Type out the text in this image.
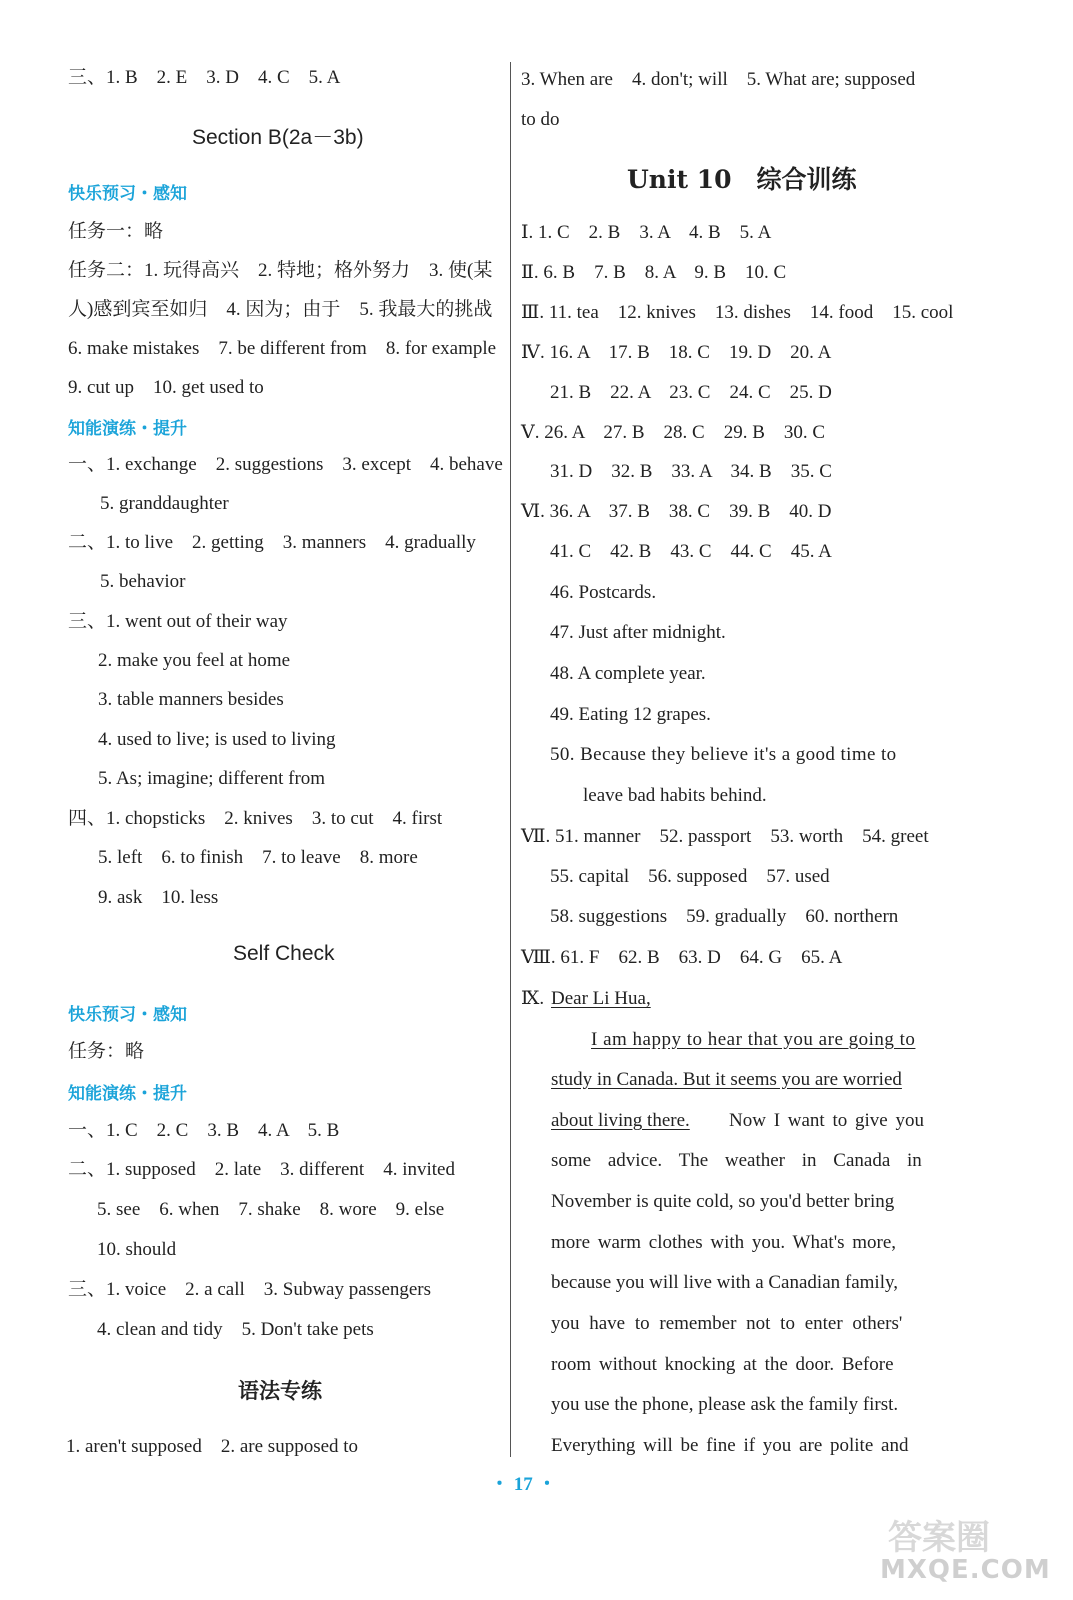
三、1. B　2. E　3. D　4. C　5. A
Section B(2a－3b)
快乐预习・感知
任务一：略
任务二：1. 玩得高兴　2. 特地；格外努力　3. 使(某
人)感到宾至如归　4. 因为；由于　5. 我最大的挑战
6. make mistakes　7. be different from　8. for example
9. cut up　10. get used to
知能演练・提升
一、1. exchange　2. suggestions　3. except　4. behave
5. granddaughter
二、1. to live　2. getting　3. manners　4. gradually
5. behavior
三、1. went out of their way
2. make you feel at home
3. table manners besides
4. used to live; is used to living
5. As; imagine; different from
四、1. chopsticks　2. knives　3. to cut　4. first
5. left　6. to finish　7. to leave　8. more
9. ask　10. less
Self Check
快乐预习・感知
任务：略
知能演练・提升
一、1. C　2. C　3. B　4. A　5. B
二、1. supposed　2. late　3. different　4. invited
5. see　6. when　7. shake　8. wore　9. else
10. should
三、1. voice　2. a call　3. Subway passengers
4. clean and tidy　5. Don't take pets
语法专练
1. aren't supposed　2. are supposed to
3. When are　4. don't; will　5. What are; supposed
to do
Unit 10　综合训练
Ⅰ. 1. C　2. B　3. A　4. B　5. A
Ⅱ. 6. B　7. B　8. A　9. B　10. C
Ⅲ. 11. tea　12. knives　13. dishes　14. food　15. cool
Ⅳ. 16. A　17. B　18. C　19. D　20. A
21. B　22. A　23. C　24. C　25. D
Ⅴ. 26. A　27. B　28. C　29. B　30. C
31. D　32. B　33. A　34. B　35. C
Ⅵ. 36. A　37. B　38. C　39. B　40. D
41. C　42. B　43. C　44. C　45. A
46. Postcards.
47. Just after midnight.
48. A complete year.
49. Eating 12 grapes.
50. Because they believe it's a good time to
leave bad habits behind.
Ⅶ. 51. manner　52. passport　53. worth　54. greet
55. capital　56. supposed　57. used
58. suggestions　59. gradually　60. northern
Ⅷ. 61. F　62. B　63. D　64. G　65. A
Ⅸ. Dear Li Hua,
I am happy to hear that you are going to
study in Canada. But it seems you are worried
about living there. Now I want to give you
some advice. The weather in Canada in
November is quite cold, so you'd better bring
more warm clothes with you. What's more,
because you will live with a Canadian family,
you have to remember not to enter others'
room without knocking at the door. Before
you use the phone, please ask the family first.
Everything will be fine if you are polite and
・ 17 ・
答案圈
MXQE.COM
